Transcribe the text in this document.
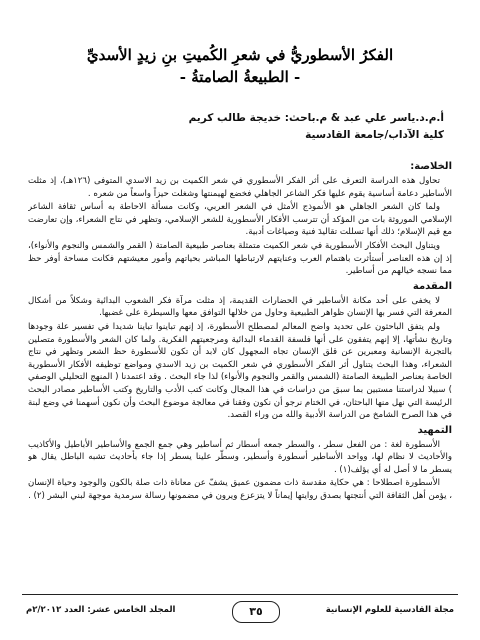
الفكرُ الأسطوريُّ في شعرِ الكُميتِ بنِ زيدٍ الأسديِّ
- الطبيعةُ الصامتةُ -
أ.م.د.ياسر علي عبد & م.باحث: خديجة طالب كريم
كلية الآداب/جامعة القادسية
الخلاصة:

تحاول هذه الدراسة التعرف على أثر الفكر الأسطوري في شعر الكميت بن زيد الاسدي المتوفى (١٢٦هـ)، إذ مثلت الأساطير دعامة أساسية يقوم عليها فكر الشاعر الجاهلي فخضع لهيمنتها وشغلت حيزاً واسعاً من شعره .

ولما كان الشعر الجاهلي هو الأنموذج الأمثل في الشعر العربي، وكانت مسألة الاحاطة به أساس ثقافة الشاعر الإسلامي الموروثة بات من المؤكد أن تترسب الأفكار الأسطورية للشعر الإسلامي، وتظهر في نتاج الشعراء، وإن تعارضت مع قيم الإسلام؛ ذلك أنها تسللت تقاليدَ فنية وصياغات أدبية.

ويتناول البحث الأفكار الأسطورية في شعر الكميت متمثلة بعناصر طبيعية الصامتة ( القمر والشمس والنجوم والأنواء)، إذ إن هذه العناصر أستأثرت باهتمام العرب وعنايتهم لارتباطها المباشر بحياتهم وأمور معيشتهم فكانت مساحة أوفر حظ مما نسجه خيالهم من أساطير.

المقدمة

لا يخفى على أحد مكانة الأساطير في الحضارات القديمة، إذ مثلت مرآة فكر الشعوب البدائية وشكلاً من أشكال المعرفة التي فسر بها الإنسان ظواهر الطبيعية وحاول من خلالها التوافق معها والسيطرة على غضبها.

ولم يتفق الباحثون على تحديد واضح المعالم لمصطلح الأسطورة، إذ إنهم تباينوا تباينا شديدا في تفسير علة وجودها وتاريخ نشأتها، إلا إنهم يتفقون على أنها فلسفة القدماء البدائية ومرجعيتهم الفكرية. ولما كان الشعر والأسطورة متصلين بالتجربة الإنسانية ومعبرين عن قلق الإنسان تجاه المجهول كان لابد أن تكون للأسطورة حظ الشعر وتظهر في نتاج الشعراء، وهذا البحث يتناول أثر الفكر الأسطوري في شعر الكميت بن زيد الاسدي ومواضع توظيفه الأفكار الأسطورية الخاصة بعناصر الطبيعة الصامتة (الشمس والقمر والنجوم والأنواء) لذا جاء البحث . وقد اعتمدنا ( المنهج التحليلي الوصفي ) سبيلا لدراستنا مستبين بما سبق من دراسات في هذا المجال وكانت كتب الأدب والتاريخ وكتب الأساطير مصادر البحث الرئيسة التي نهل منها الباحثان، في الختام نرجو أن نكون وفقنا في معالجة موضوع البحث وأن نكون أسهمنا في وضع لبنة في هذا الصرح الشامخ من الدراسة الأدبية والله من وراء القصد.

التمهيد

الأسطورة لغة : من الفعل سطر ، والسطر جمعه أسطار ثم أساطير وهي جمع الجمع والأساطير الأباطيل والأكاذيب والأحاديث لا نظام لها، وواحد الأساطير أسطورة وأسطير، وسطّر علينا يسطر إذا جاء بأحاديث تشبه الباطل يقال هو يسطر ما لا أصل له أي يؤلف(١) .

الأسطورة اصطلاحا : هي حكاية مقدسة ذات مضمون عميق يشفّ عن معاناة ذات صلة بالكون والوجود وحياة الإنسان ، يؤمن أهل الثقافة التي أنتجتها بصدق روايتها إيماناً لا يتزعزع ويرون في مضمونها رسالة سرمدية موجهة لبني البشر (٢) .

مجلة القادسية للعلوم الإنسانية
٣٥
المجلد الخامس عشر: العدد ٢/٢٠١٢م
